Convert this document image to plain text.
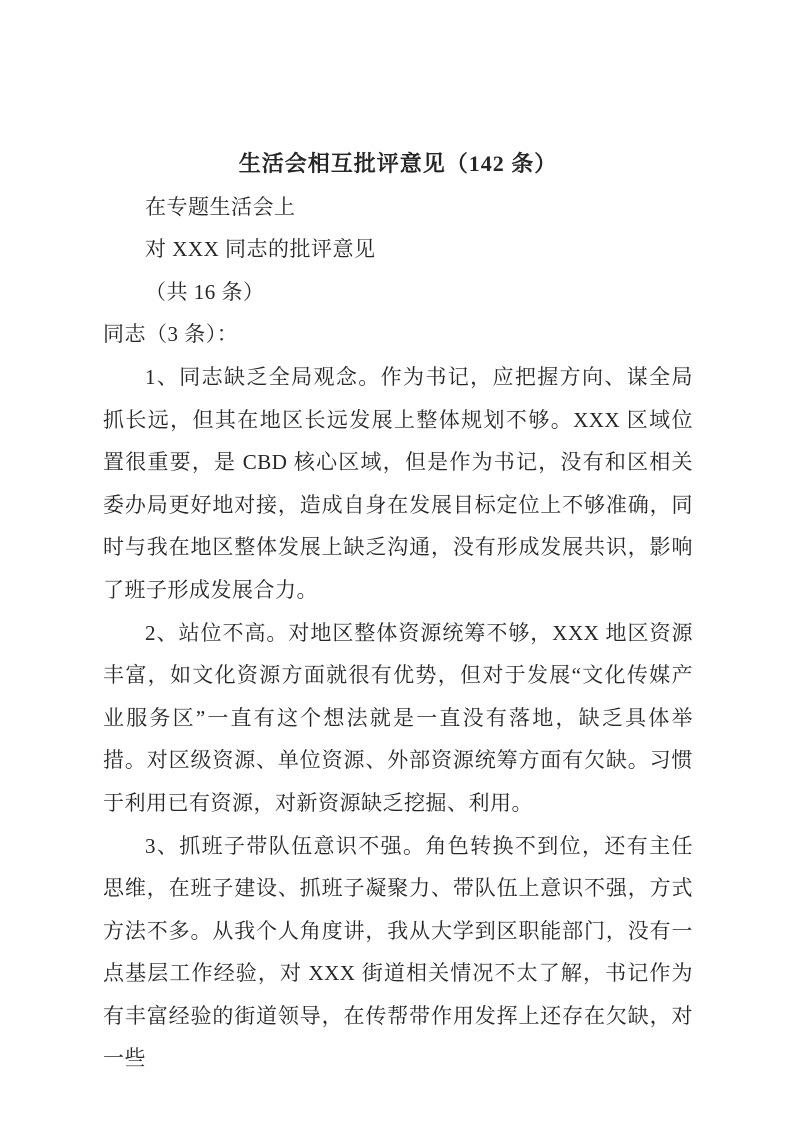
生活会相互批评意见（142 条）

在专题生活会上

对 XXX 同志的批评意见

（共 16 条）

同志（3 条）：

1、同志缺乏全局观念。作为书记，应把握方向、谋全局抓长远，但其在地区长远发展上整体规划不够。XXX 区域位置很重要，是 CBD 核心区域，但是作为书记，没有和区相关委办局更好地对接，造成自身在发展目标定位上不够准确，同时与我在地区整体发展上缺乏沟通，没有形成发展共识，影响了班子形成发展合力。

2、站位不高。对地区整体资源统筹不够，XXX 地区资源丰富，如文化资源方面就很有优势，但对于发展“文化传媒产业服务区”一直有这个想法就是一直没有落地，缺乏具体举措。对区级资源、单位资源、外部资源统筹方面有欠缺。习惯于利用已有资源，对新资源缺乏挖掘、利用。

3、抓班子带队伍意识不强。角色转换不到位，还有主任思维，在班子建设、抓班子凝聚力、带队伍上意识不强，方式方法不多。从我个人角度讲，我从大学到区职能部门，没有一点基层工作经验，对 XXX 街道相关情况不太了解，书记作为有丰富经验的街道领导，在传帮带作用发挥上还存在欠缺，对一些
